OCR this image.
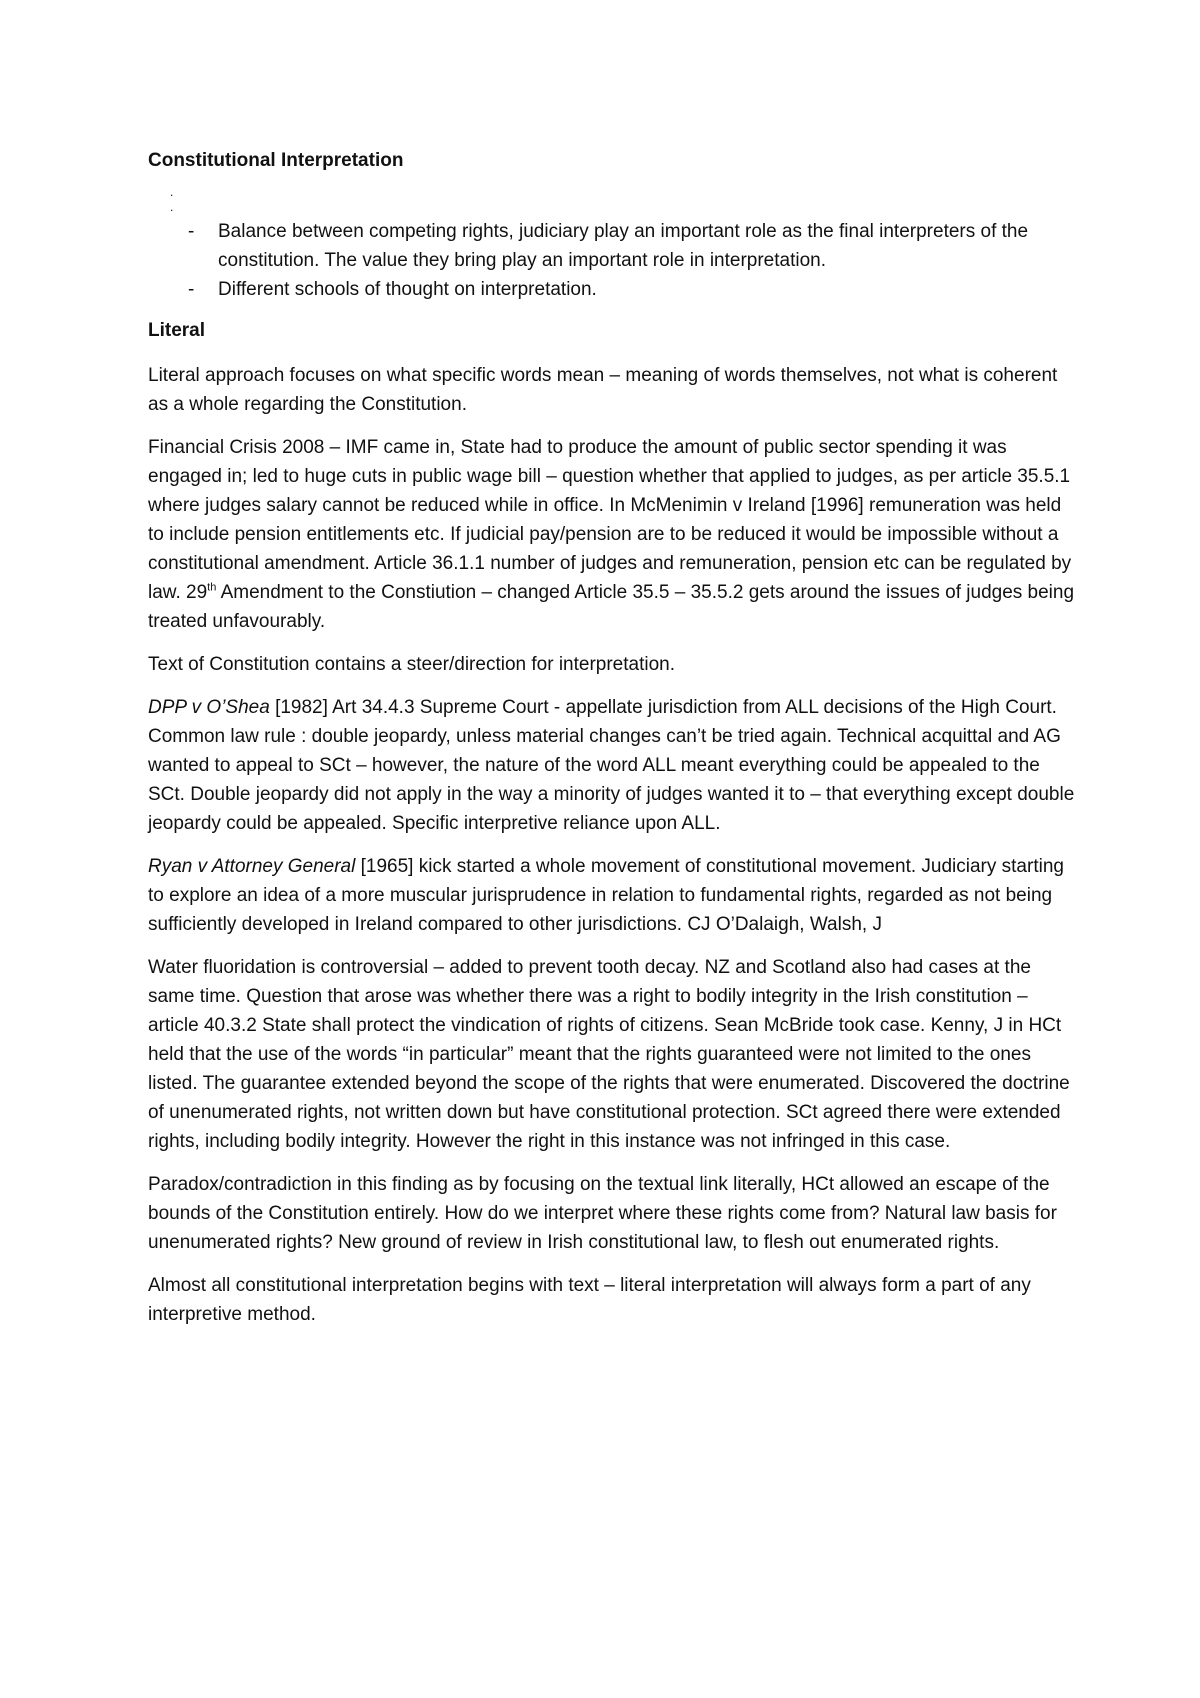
Constitutional Interpretation
.
.
- Balance between competing rights, judiciary play an important role as the final interpreters of the constitution. The value they bring play an important role in interpretation.
- Different schools of thought on interpretation.
Literal

Literal approach focuses on what specific words mean – meaning of words themselves, not what is coherent as a whole regarding the Constitution.

Financial Crisis 2008 – IMF came in, State had to produce the amount of public sector spending it was engaged in; led to huge cuts in public wage bill – question whether that applied to judges, as per article 35.5.1 where judges salary cannot be reduced while in office. In McMenimin v Ireland [1996] remuneration was held to include pension entitlements etc. If judicial pay/pension are to be reduced it would be impossible without a constitutional amendment. Article 36.1.1 number of judges and remuneration, pension etc can be regulated by law. 29th Amendment to the Constiution – changed Article 35.5 – 35.5.2 gets around the issues of judges being treated unfavourably.

Text of Constitution contains a steer/direction for interpretation.

DPP v O’Shea [1982] Art 34.4.3 Supreme Court - appellate jurisdiction from ALL decisions of the High Court. Common law rule : double jeopardy, unless material changes can’t be tried again. Technical acquittal and AG wanted to appeal to SCt – however, the nature of the word ALL meant everything could be appealed to the SCt. Double jeopardy did not apply in the way a minority of judges wanted it to – that everything except double jeopardy could be appealed. Specific interpretive reliance upon ALL.

Ryan v Attorney General [1965] kick started a whole movement of constitutional movement. Judiciary starting to explore an idea of a more muscular jurisprudence in relation to fundamental rights, regarded as not being sufficiently developed in Ireland compared to other jurisdictions. CJ O’Dalaigh, Walsh, J

Water fluoridation is controversial – added to prevent tooth decay. NZ and Scotland also had cases at the same time. Question that arose was whether there was a right to bodily integrity in the Irish constitution – article 40.3.2 State shall protect the vindication of rights of citizens. Sean McBride took case. Kenny, J in HCt held that the use of the words “in particular” meant that the rights guaranteed were not limited to the ones listed. The guarantee extended beyond the scope of the rights that were enumerated. Discovered the doctrine of unenumerated rights, not written down but have constitutional protection. SCt agreed there were extended rights, including bodily integrity. However the right in this instance was not infringed in this case.

Paradox/contradiction in this finding as by focusing on the textual link literally, HCt allowed an escape of the bounds of the Constitution entirely. How do we interpret where these rights come from? Natural law basis for unenumerated rights? New ground of review in Irish constitutional law, to flesh out enumerated rights.

Almost all constitutional interpretation begins with text – literal interpretation will always form a part of any interpretive method.
